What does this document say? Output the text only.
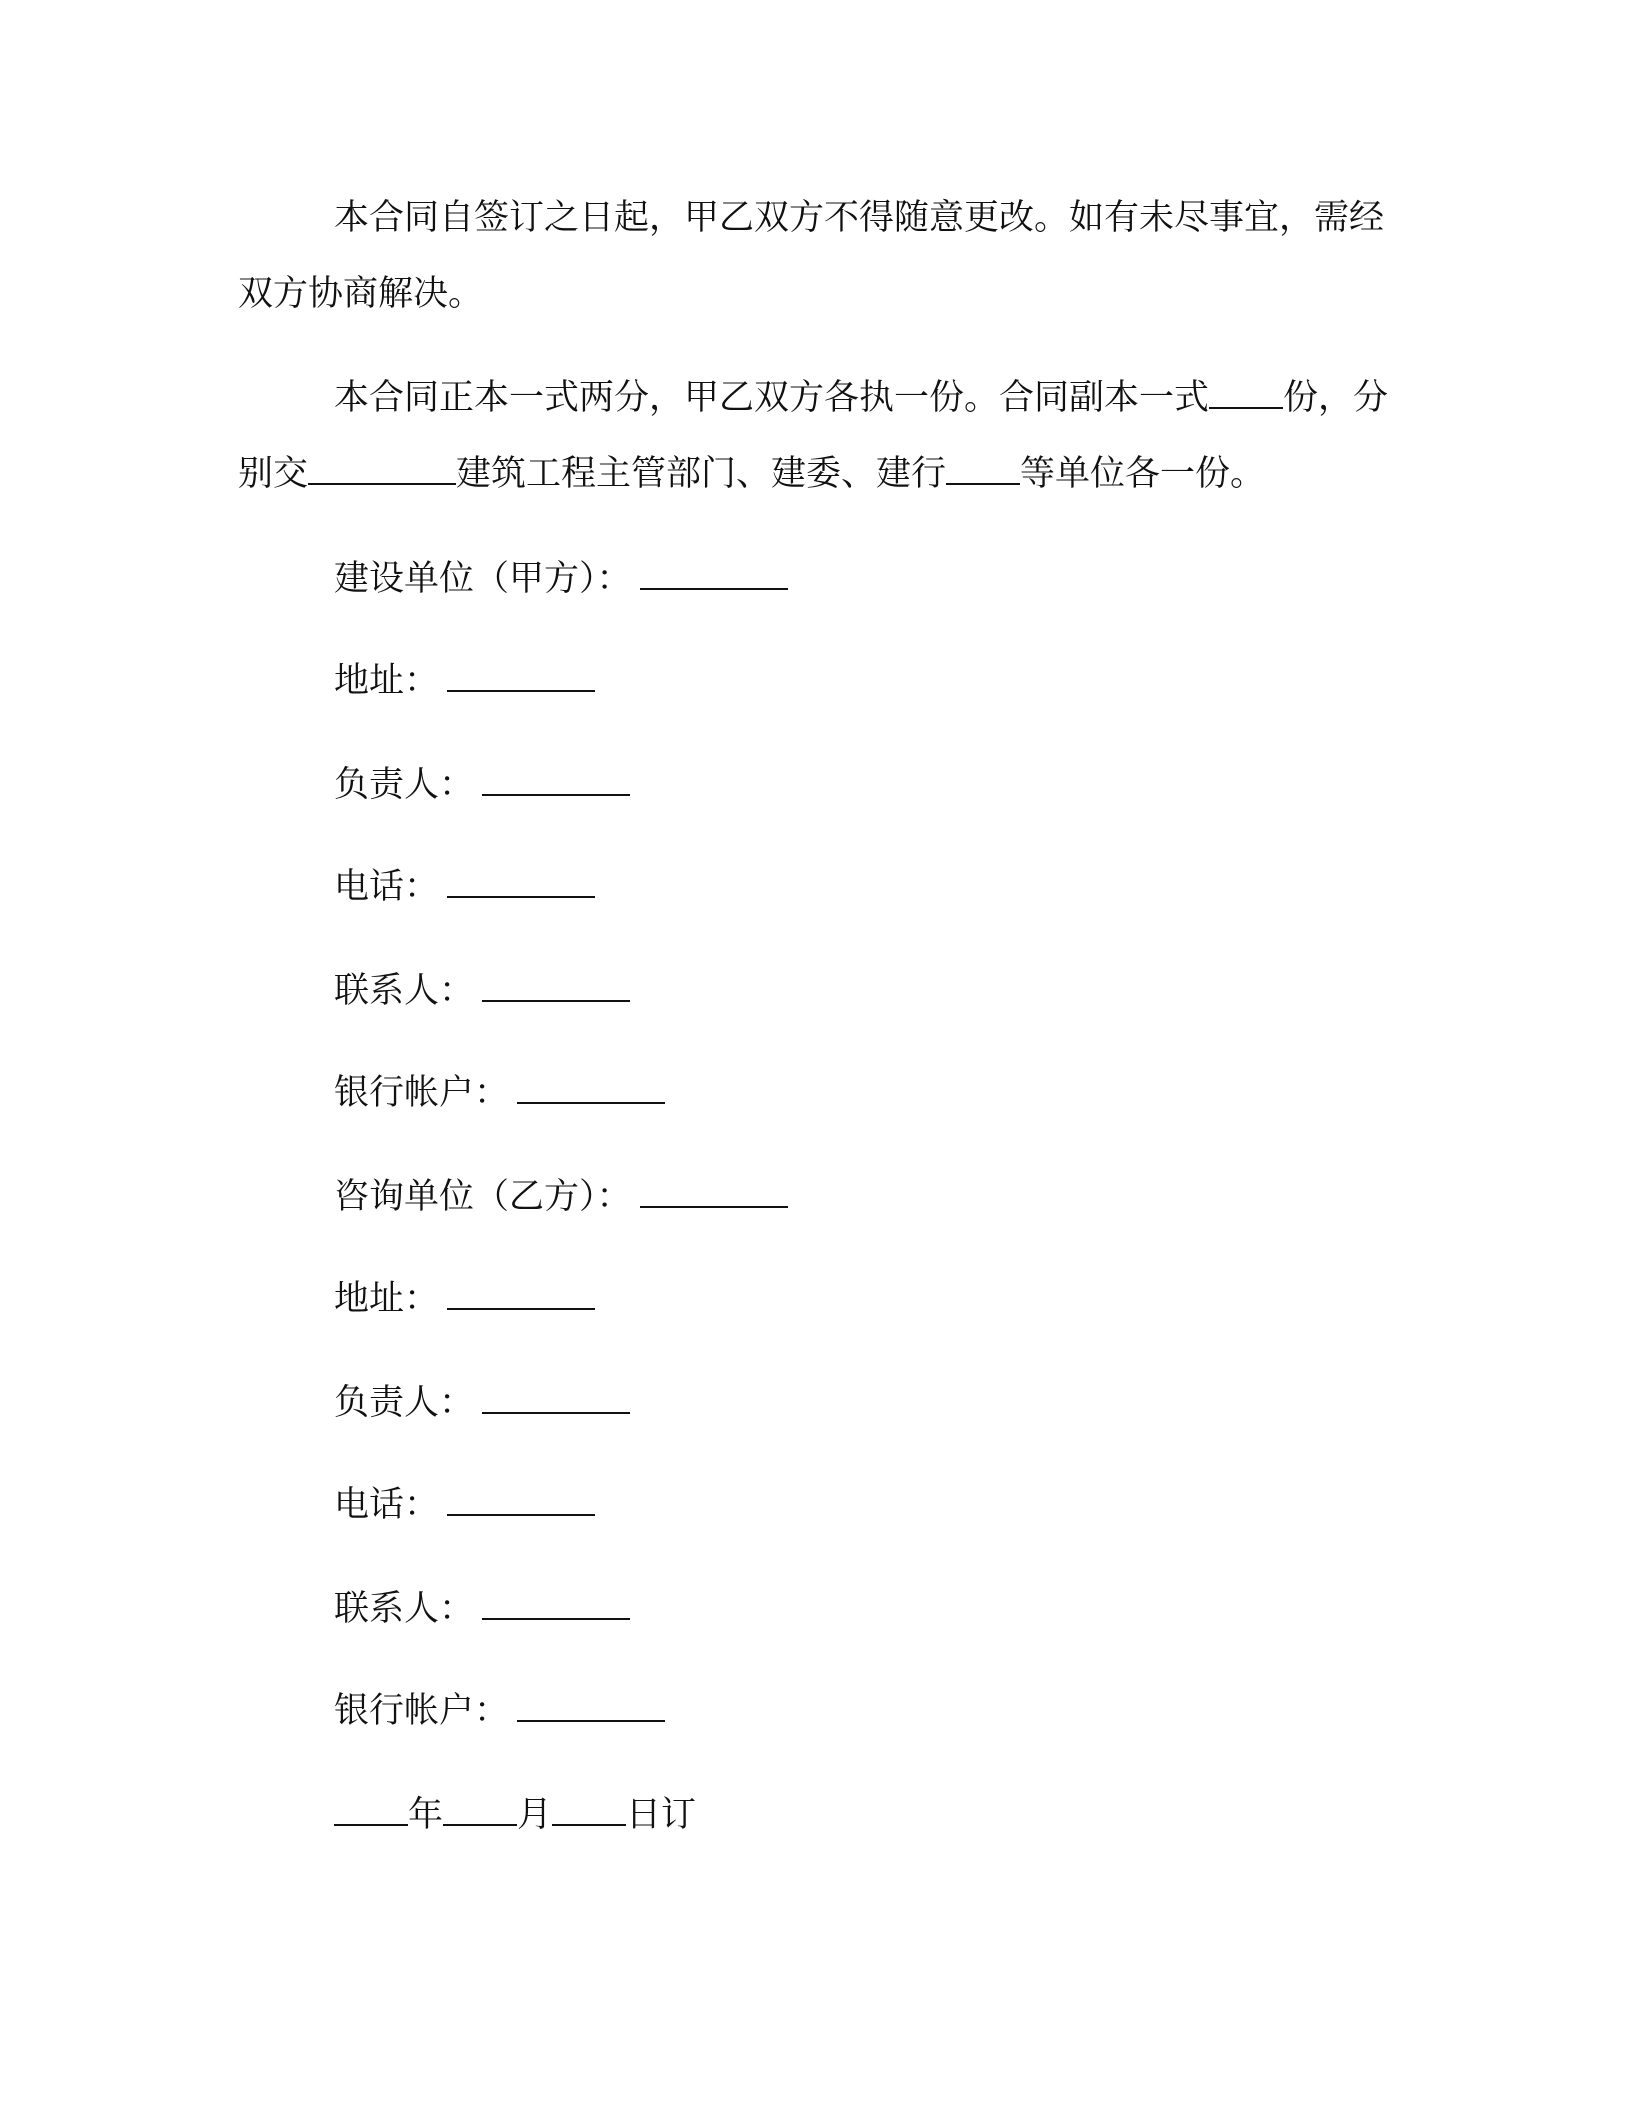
本合同自签订之日起，甲乙双方不得随意更改。如有未尽事宜，需经双方协商解决。

本合同正本一式两分，甲乙双方各执一份。合同副本一式 份，分别交	建筑工程主管部门、建委、建行 等单位各一份。

建设单位（甲方）：

地址：

负责人：

电话：

联系人：

银行帐户：

咨询单位（乙方）：

地址：

负责人：

电话：

联系人：

银行帐户：

年 月 日订
